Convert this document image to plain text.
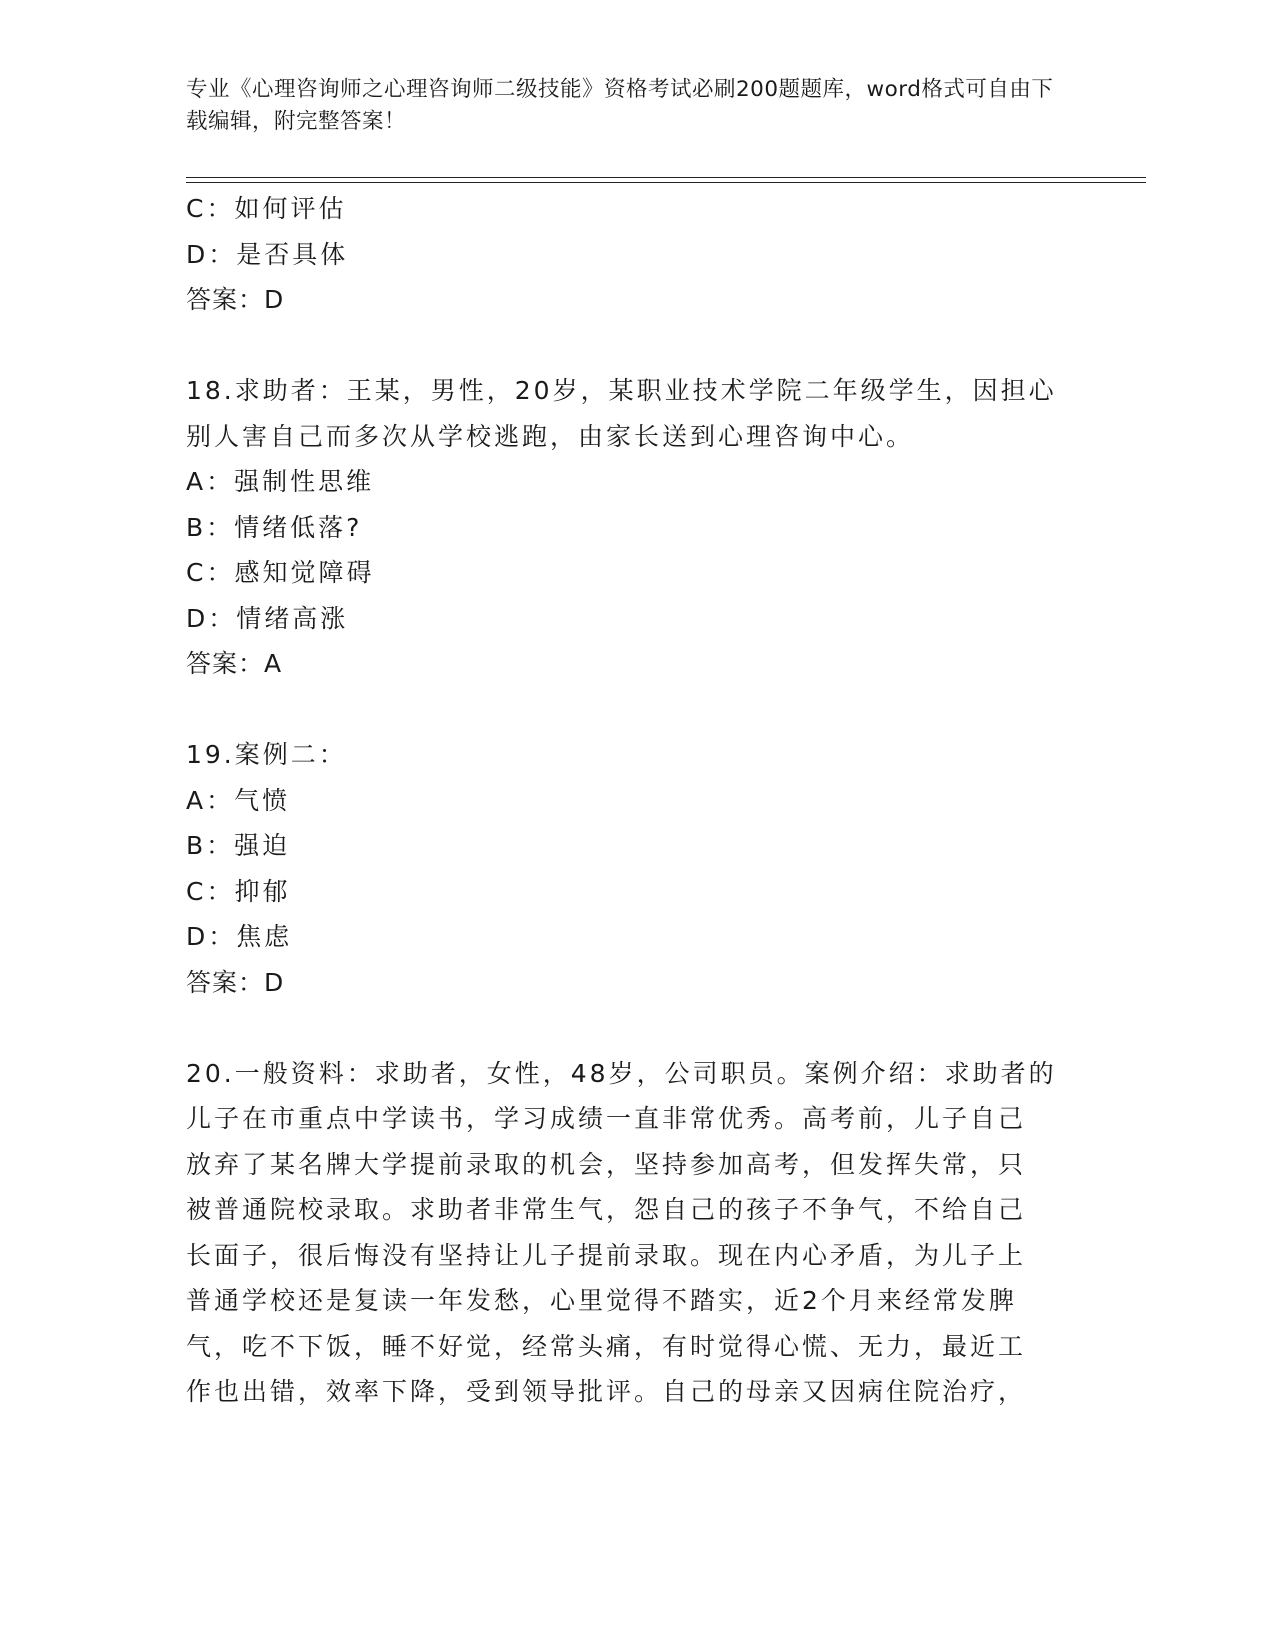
专业《心理咨询师之心理咨询师二级技能》资格考试必刷200题题库，word格式可自由下载编辑，附完整答案！
C：如何评估
D：是否具体
答案：D
18.求助者：王某，男性，20岁，某职业技术学院二年级学生，因担心
别人害自己而多次从学校逃跑，由家长送到心理咨询中心。
A：强制性思维
B：情绪低落?
C：感知觉障碍
D：情绪高涨
答案：A
19.案例二：
A：气愤
B：强迫
C：抑郁
D：焦虑
答案：D
20.一般资料：求助者，女性，48岁，公司职员。案例介绍：求助者的
儿子在市重点中学读书，学习成绩一直非常优秀。高考前，儿子自己
放弃了某名牌大学提前录取的机会，坚持参加高考，但发挥失常，只
被普通院校录取。求助者非常生气，怨自己的孩子不争气，不给自己
长面子，很后悔没有坚持让儿子提前录取。现在内心矛盾，为儿子上
普通学校还是复读一年发愁，心里觉得不踏实，近2个月来经常发脾
气，吃不下饭，睡不好觉，经常头痛，有时觉得心慌、无力，最近工
作也出错，效率下降，受到领导批评。自己的母亲又因病住院治疗，
